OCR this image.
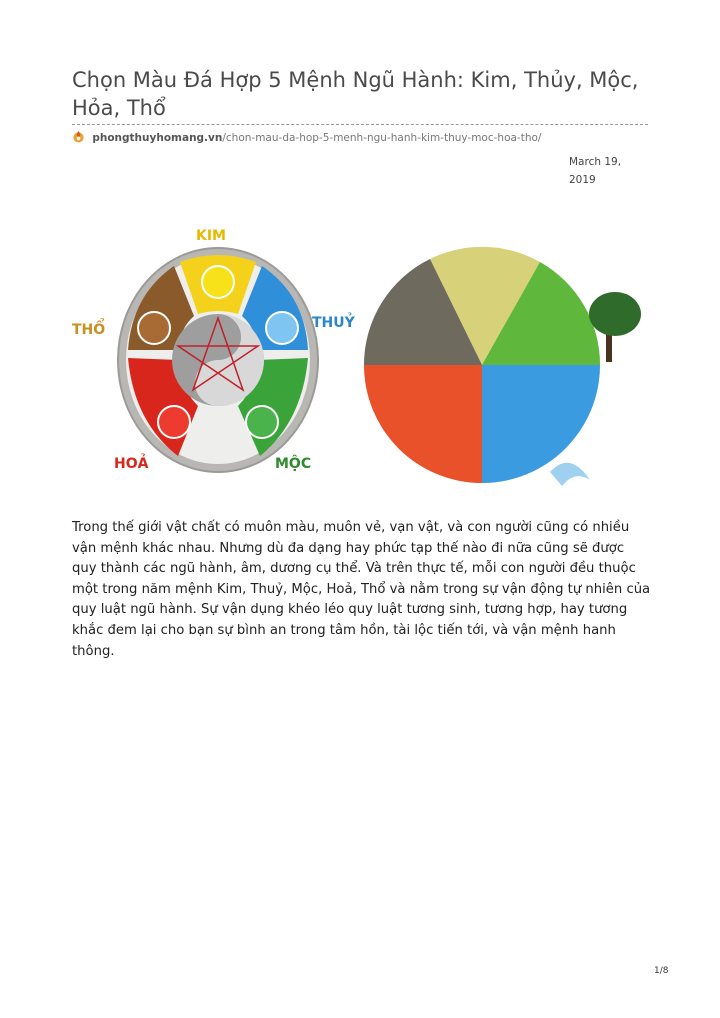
Chọn Màu Đá Hợp 5 Mệnh Ngũ Hành: Kim, Thủy, Mộc, Hỏa, Thổ
phongthuyhomang.vn/chon-mau-da-hop-5-menh-ngu-hanh-kim-thuy-moc-hoa-tho/
March 19, 2019
KIM
THUỶ
MỘC
HOẢ
THỔ

Trong thế giới vật chất có muôn màu, muôn vẻ, vạn vật, và con người cũng có nhiều vận mệnh khác nhau. Nhưng dù đa dạng hay phức tạp thế nào đi nữa cũng sẽ được quy thành các ngũ hành, âm, dương cụ thể. Và trên thực tế, mỗi con người đều thuộc một trong năm mệnh Kim, Thuỷ, Mộc, Hoả, Thổ và nằm trong sự vận động tự nhiên của quy luật ngũ hành. Sự vận dụng khéo léo quy luật tương sinh, tương hợp, hay tương khắc đem lại cho bạn sự bình an trong tâm hồn, tài lộc tiến tới, và vận mệnh hanh thông.

1/8
